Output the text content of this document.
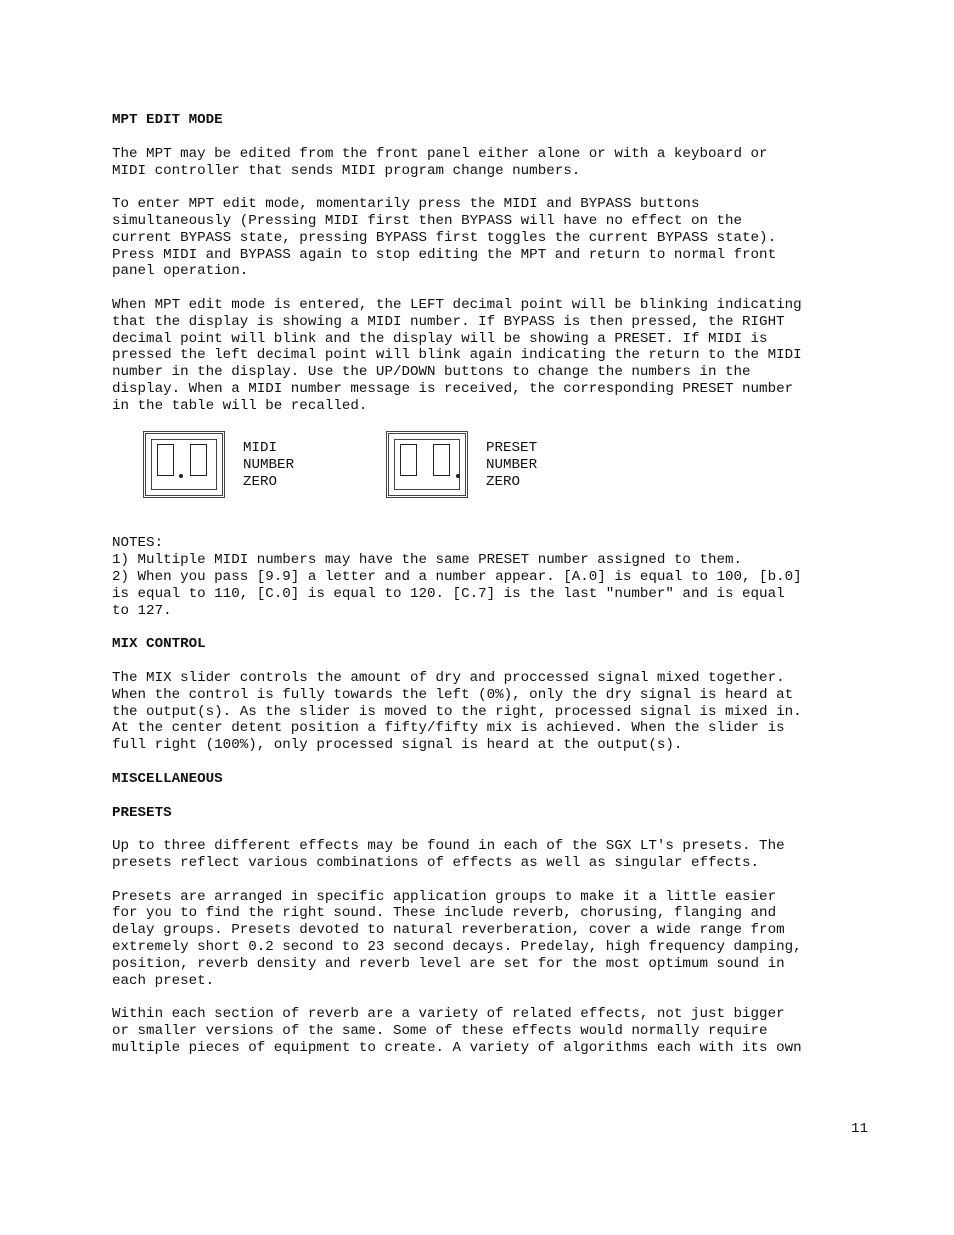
MPT EDIT MODE
The MPT may be edited from the front panel either alone or with a keyboard or
MIDI controller that sends MIDI program change numbers.
To enter MPT edit mode, momentarily press the MIDI and BYPASS buttons
simultaneously (Pressing MIDI first then BYPASS will have no effect on the
current BYPASS state, pressing BYPASS first toggles the current BYPASS state).
Press MIDI and BYPASS again to stop editing the MPT and return to normal front
panel operation.
When MPT edit mode is entered, the LEFT decimal point will be blinking indicating
that the display is showing a MIDI number. If BYPASS is then pressed, the RIGHT
decimal point will blink and the display will be showing a PRESET. If MIDI is
pressed the left decimal point will blink again indicating the return to the MIDI
number in the display. Use the UP/DOWN buttons to change the numbers in the
display. When a MIDI number message is received, the corresponding PRESET number
in the table will be recalled.
MIDI
NUMBER
ZERO
PRESET
NUMBER
ZERO
NOTES:
1) Multiple MIDI numbers may have the same PRESET number assigned to them.
2) When you pass [9.9] a letter and a number appear. [A.0] is equal to 100, [b.0]
is equal to 110, [C.0] is equal to 120. [C.7] is the last "number" and is equal
to 127.
MIX CONTROL
The MIX slider controls the amount of dry and proccessed signal mixed together.
When the control is fully towards the left (0%), only the dry signal is heard at
the output(s). As the slider is moved to the right, processed signal is mixed in.
At the center detent position a fifty/fifty mix is achieved. When the slider is
full right (100%), only processed signal is heard at the output(s).
MISCELLANEOUS
PRESETS
Up to three different effects may be found in each of the SGX LT's presets. The
presets reflect various combinations of effects as well as singular effects.
Presets are arranged in specific application groups to make it a little easier
for you to find the right sound. These include reverb, chorusing, flanging and
delay groups. Presets devoted to natural reverberation, cover a wide range from
extremely short 0.2 second to 23 second decays. Predelay, high frequency damping,
position, reverb density and reverb level are set for the most optimum sound in
each preset.
Within each section of reverb are a variety of related effects, not just bigger
or smaller versions of the same. Some of these effects would normally require
multiple pieces of equipment to create. A variety of algorithms each with its own
11
